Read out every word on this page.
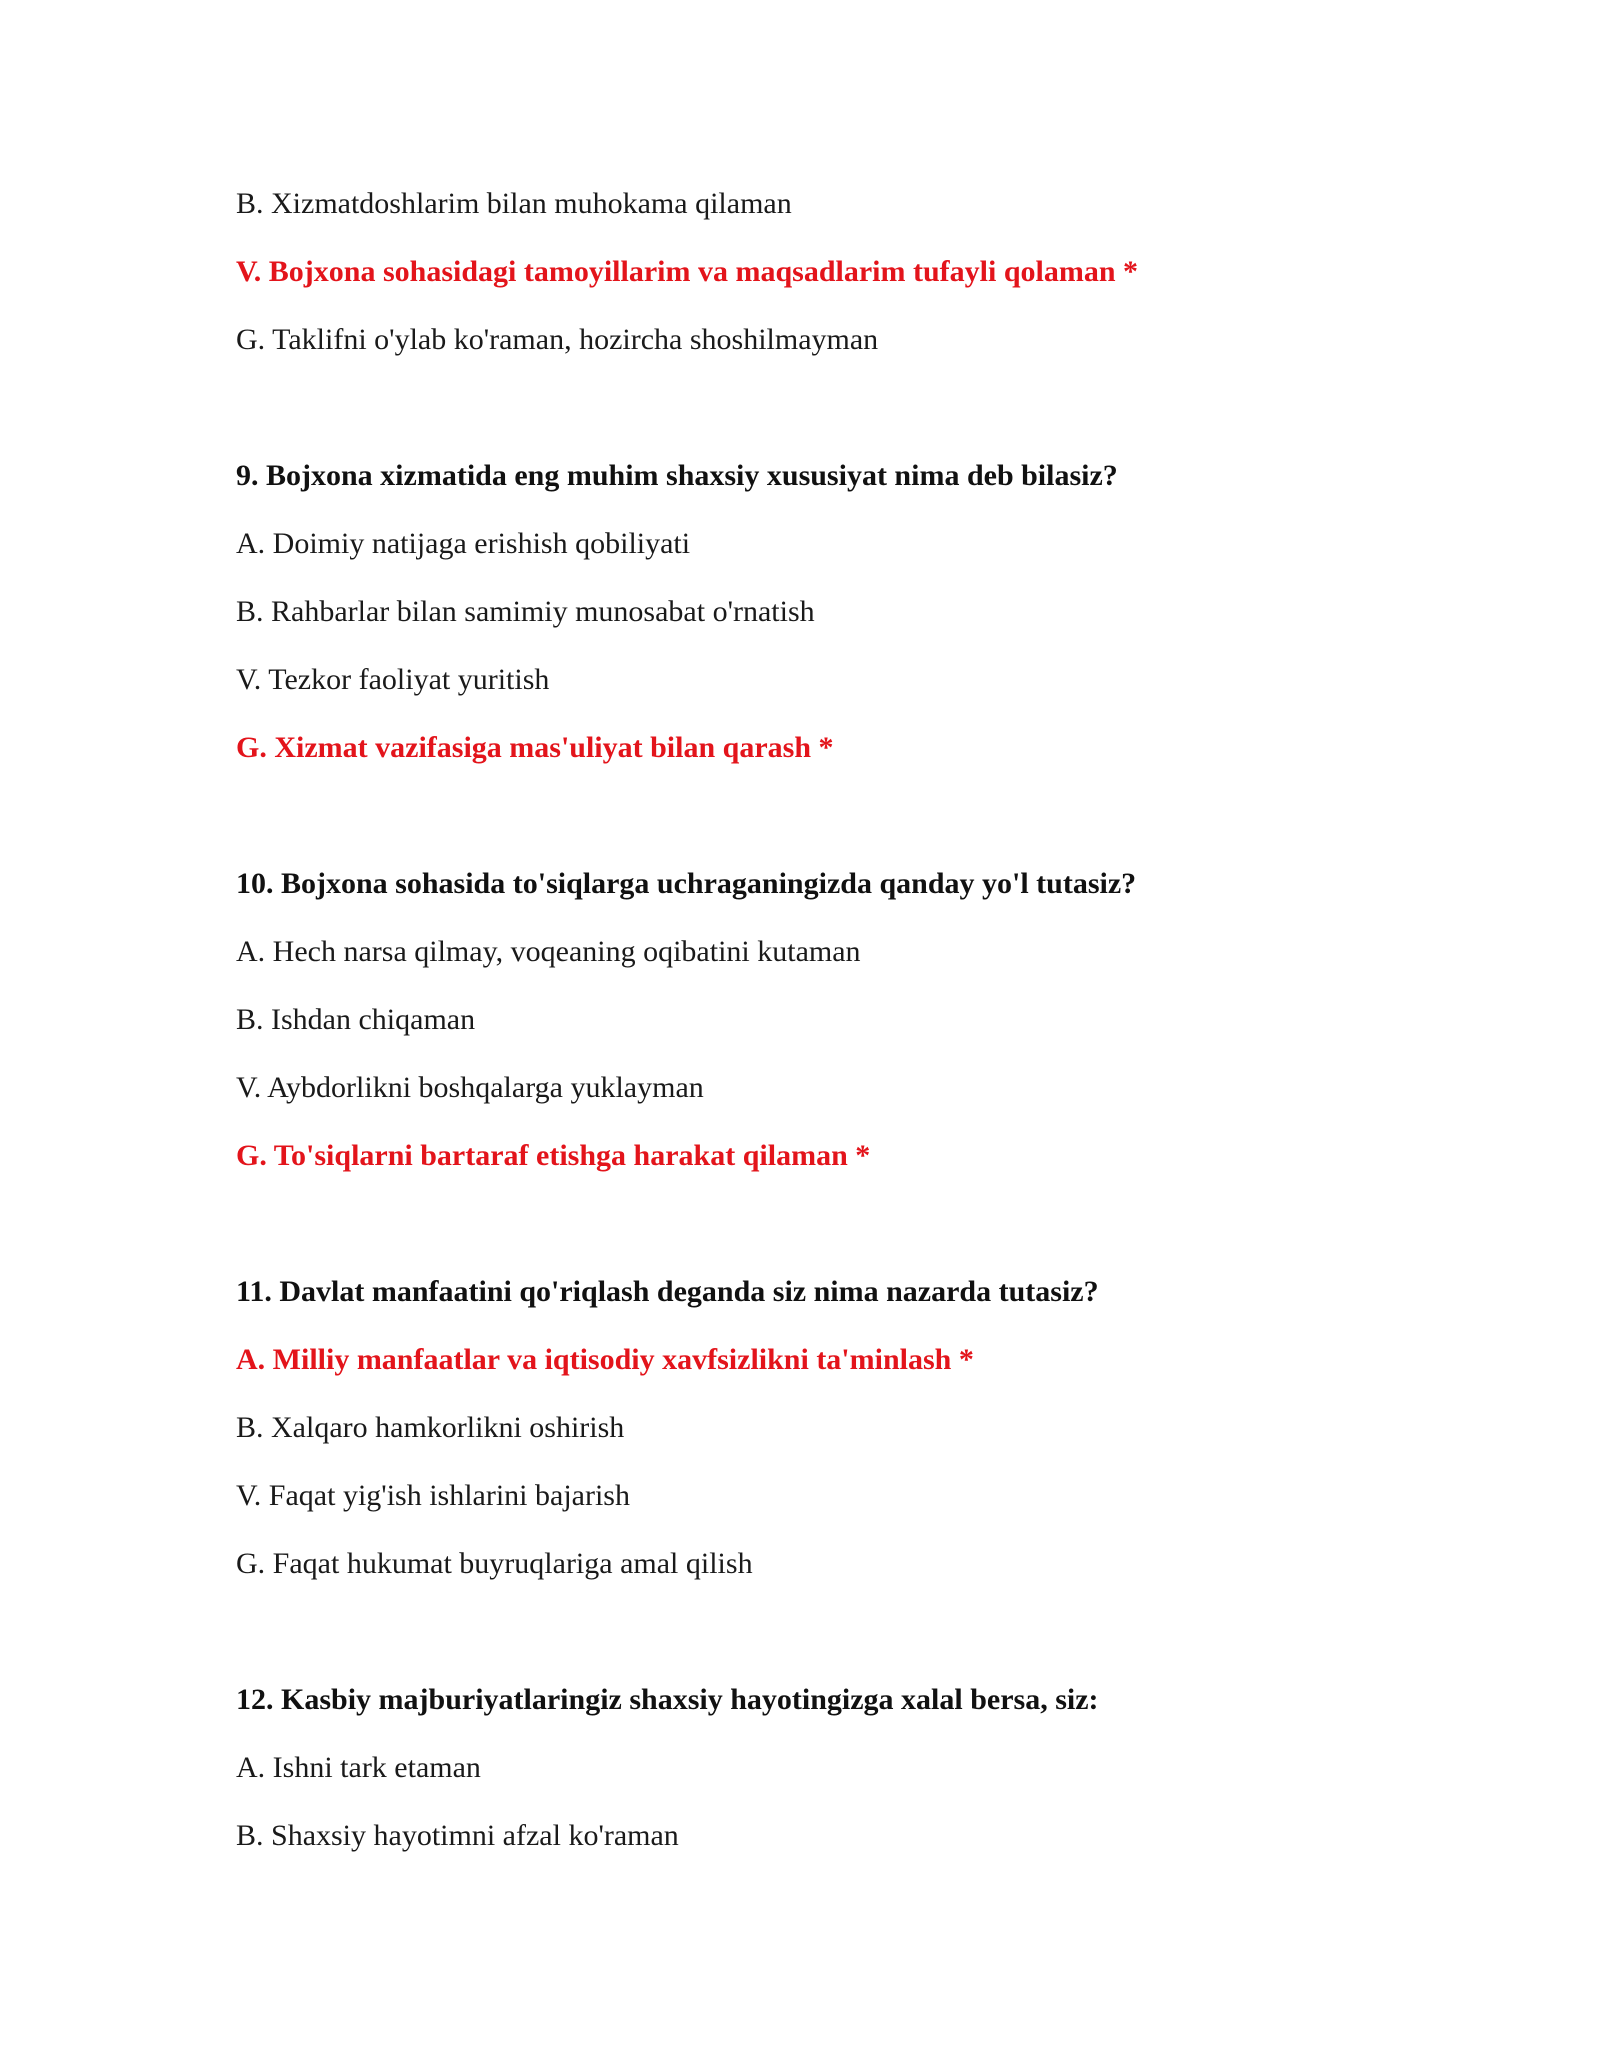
B. Xizmatdoshlarim bilan muhokama qilaman
V. Bojxona sohasidagi tamoyillarim va maqsadlarim tufayli qolaman *
G. Taklifni o'ylab ko'raman, hozircha shoshilmayman
9. Bojxona xizmatida eng muhim shaxsiy xususiyat nima deb bilasiz?
A. Doimiy natijaga erishish qobiliyati
B. Rahbarlar bilan samimiy munosabat o'rnatish
V. Tezkor faoliyat yuritish
G. Xizmat vazifasiga mas'uliyat bilan qarash *
10. Bojxona sohasida to'siqlarga uchraganingizda qanday yo'l tutasiz?
A. Hech narsa qilmay, voqeaning oqibatini kutaman
B. Ishdan chiqaman
V. Aybdorlikni boshqalarga yuklayman
G. To'siqlarni bartaraf etishga harakat qilaman *
11. Davlat manfaatini qo'riqlash deganda siz nima nazarda tutasiz?
A. Milliy manfaatlar va iqtisodiy xavfsizlikni ta'minlash *
B. Xalqaro hamkorlikni oshirish
V. Faqat yig'ish ishlarini bajarish
G. Faqat hukumat buyruqlariga amal qilish
12. Kasbiy majburiyatlaringiz shaxsiy hayotingizga xalal bersa, siz:
A. Ishni tark etaman
B. Shaxsiy hayotimni afzal ko'raman
